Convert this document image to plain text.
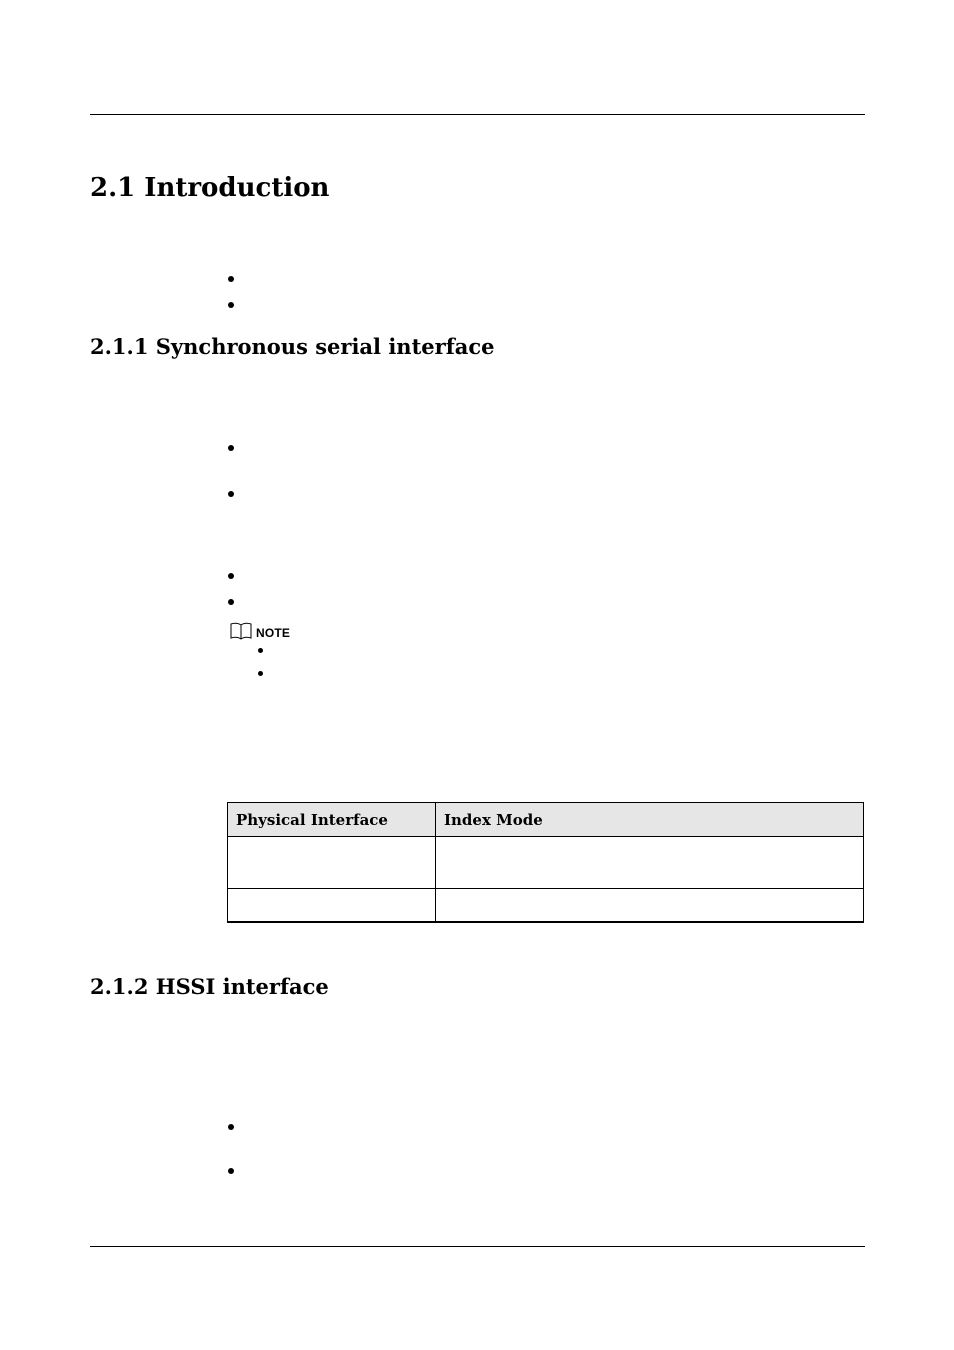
2.1 Introduction
2.1.1 Synchronous serial interface
NOTE
Physical Interface	Index Mode

2.1.2 HSSI interface
